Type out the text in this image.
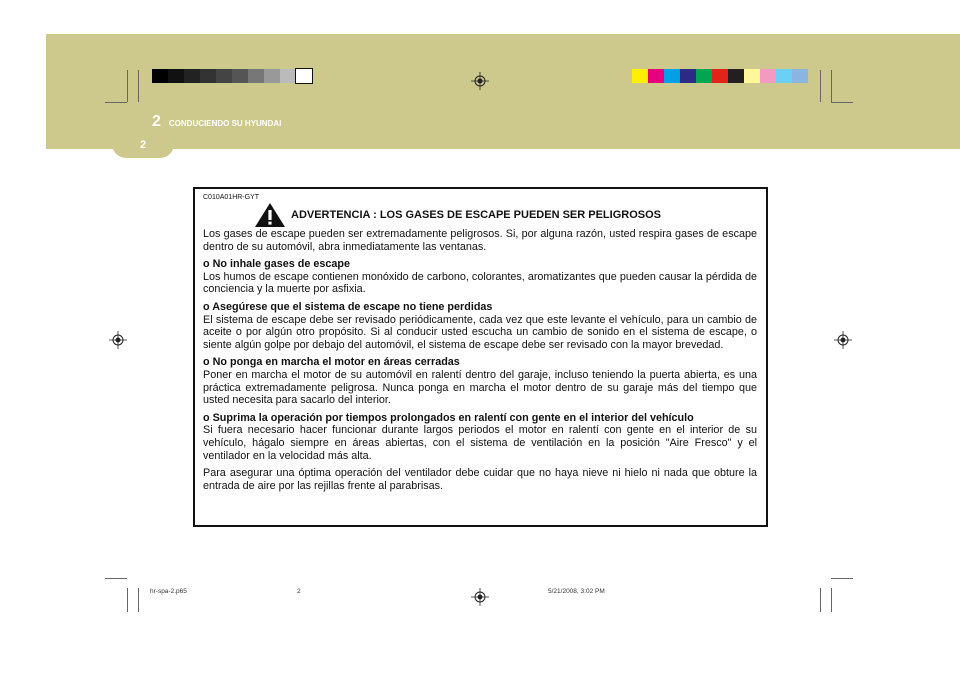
2
2 CONDUCIENDO SU HYUNDAI
C010A01HR-GYT
ADVERTENCIA : LOS GASES DE ESCAPE PUEDEN SER PELIGROSOS

Los gases de escape pueden ser extremadamente peligrosos. Si, por alguna razón, usted respira gases de escape dentro de su automóvil, abra inmediatamente las ventanas.

o No inhale gases de escape

Los humos de escape contienen monóxido de carbono, colorantes, aromatizantes que pueden causar la pérdida de conciencia y la muerte por asfixia.

o Asegúrese que el sistema de escape no tiene perdidas

El sistema de escape debe ser revisado periódicamente, cada vez que este levante el vehículo, para un cambio de aceite o por algún otro propósito. Si al conducir usted escucha un cambio de sonido en el sistema de escape, o siente algún golpe por debajo del automóvil, el sistema de escape debe ser revisado con la mayor brevedad.

o No ponga en marcha el motor en áreas cerradas

Poner en marcha el motor de su automóvil en ralentí dentro del garaje, incluso teniendo la puerta abierta, es una práctica extremadamente peligrosa. Nunca ponga en marcha el motor dentro de su garaje más del tiempo que usted necesita para sacarlo del interior.

o Suprima la operación por tiempos prolongados en ralentí con gente en el interior del vehículo

Si fuera necesario hacer funcionar durante largos periodos el motor en ralentí con gente en el interior de su vehículo, hágalo siempre en áreas abiertas, con el sistema de ventilación en la posición "Aire Fresco" y el ventilador en la velocidad más alta.

Para asegurar una óptima operación del ventilador debe cuidar que no haya nieve ni hielo ni nada que obture la entrada de aire por las rejillas frente al parabrisas.

hr-spa-2.p65	2	5/21/2008, 3:02 PM
